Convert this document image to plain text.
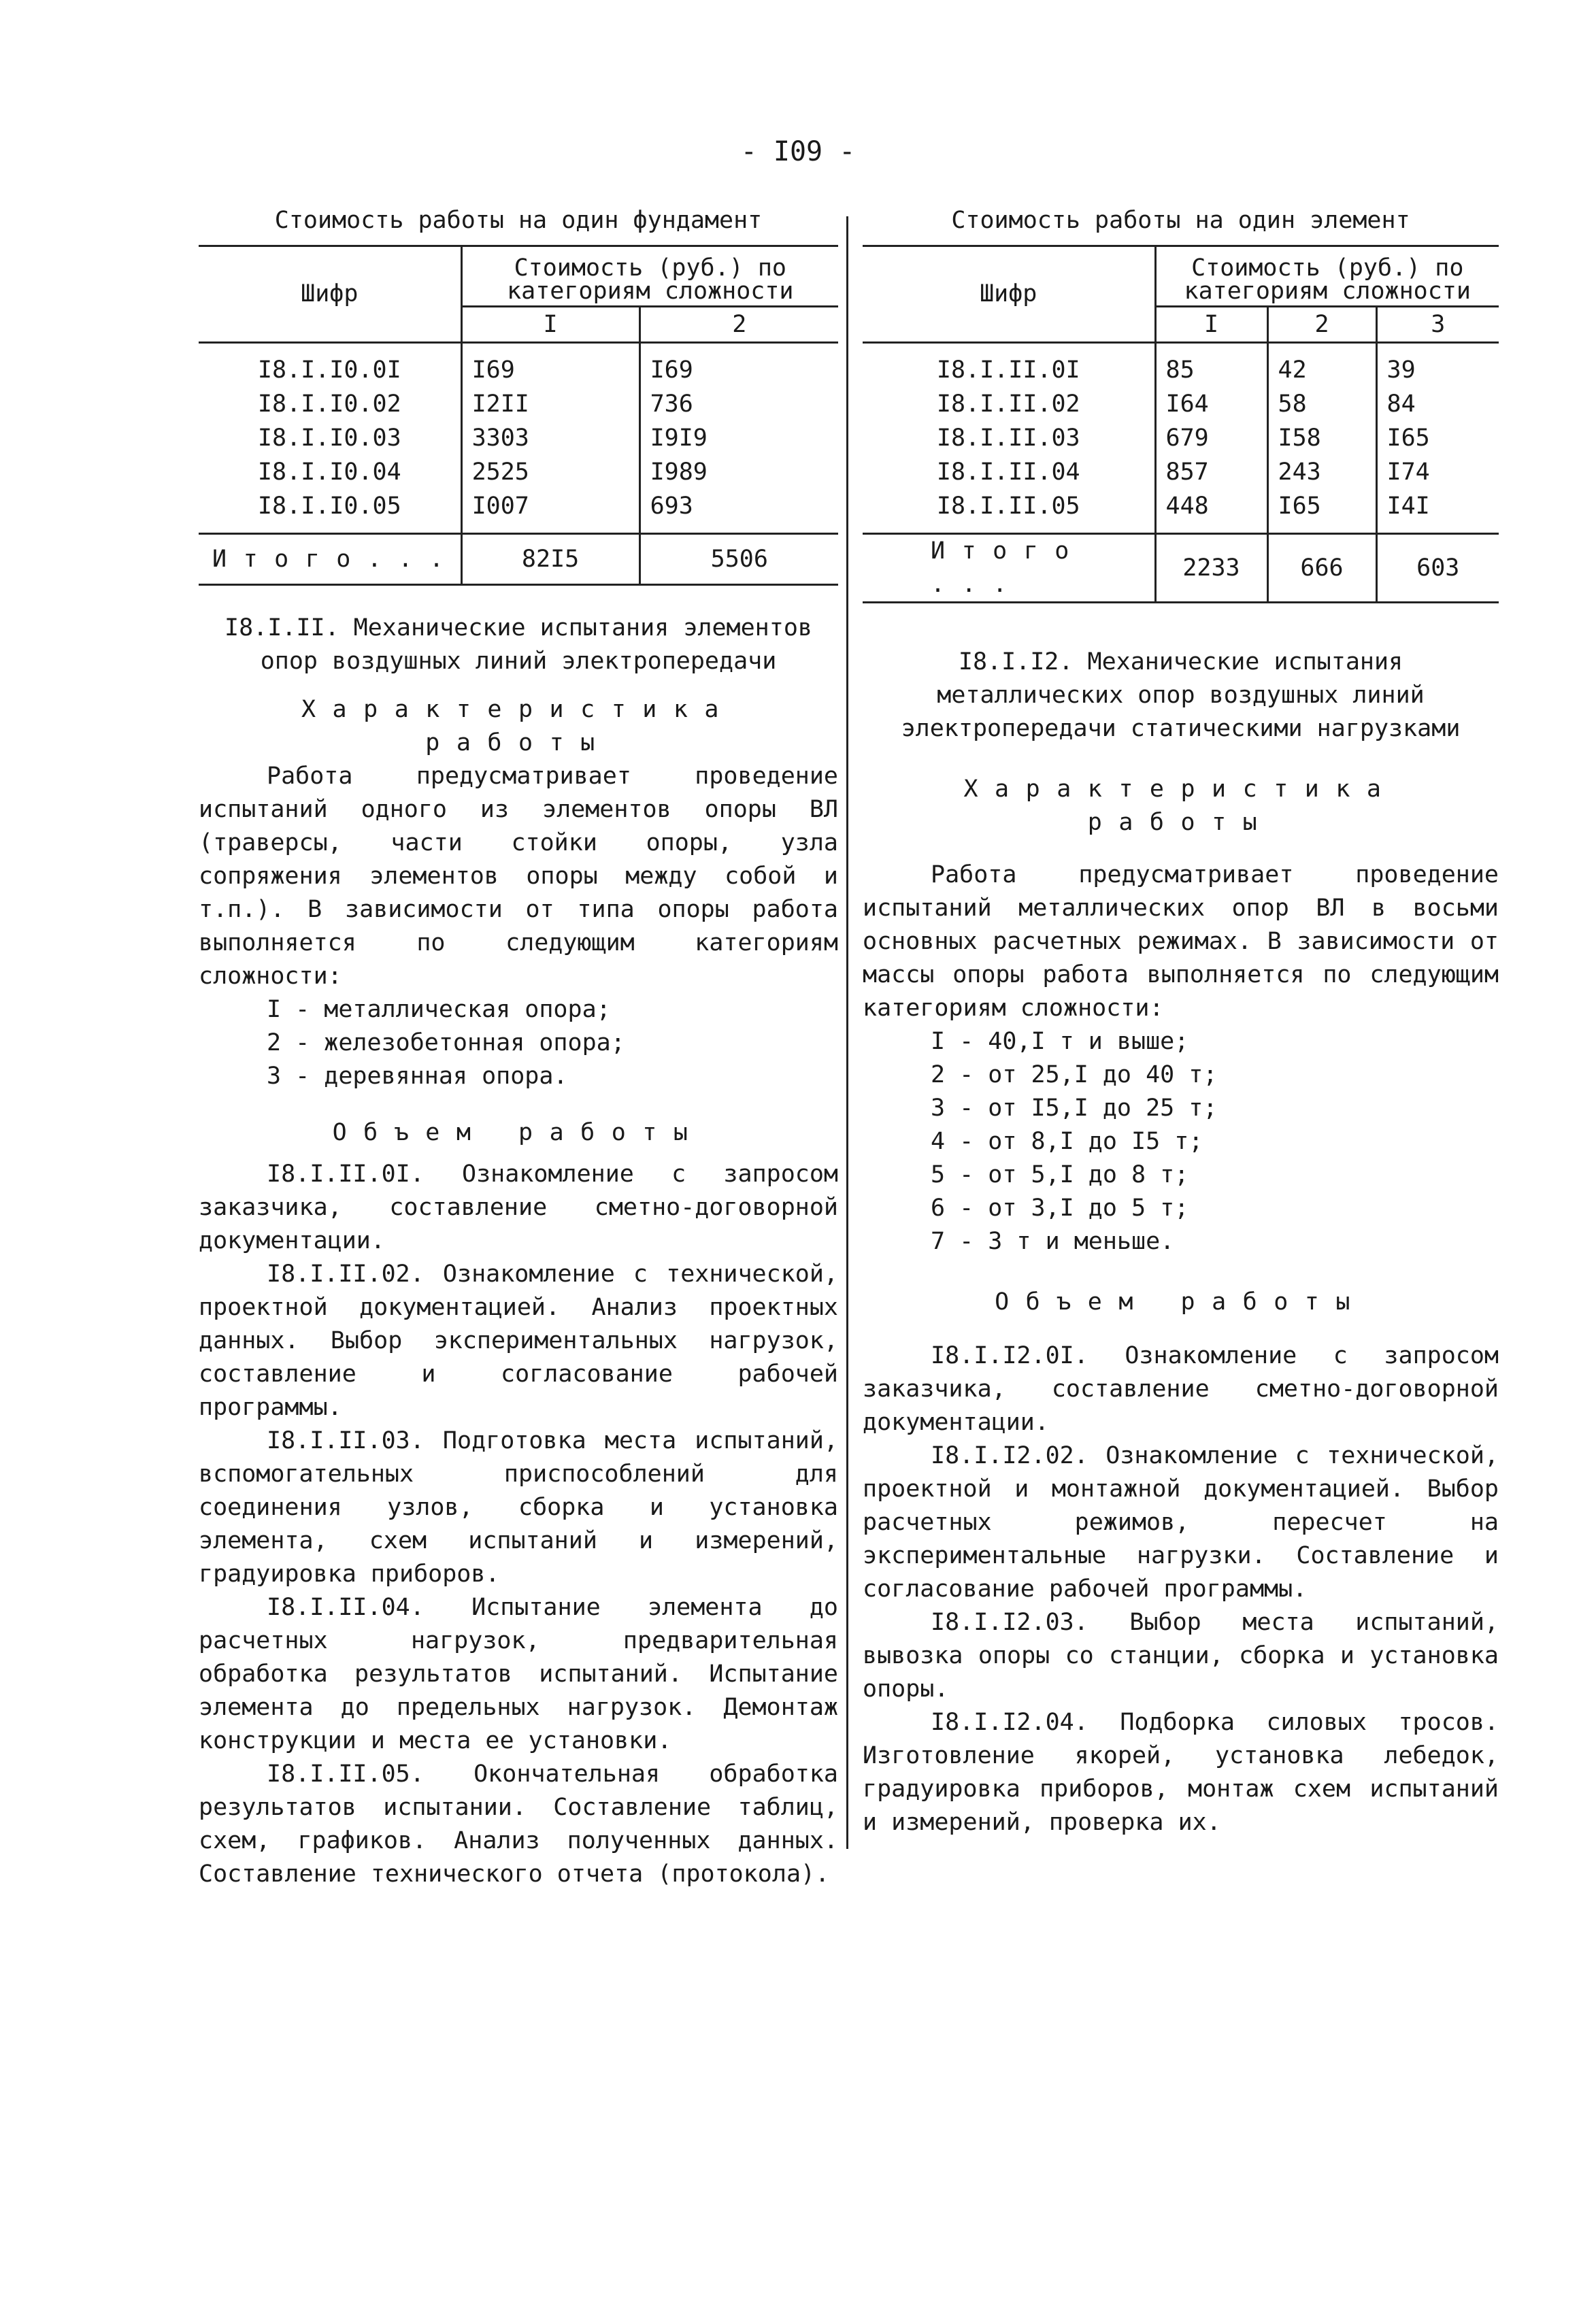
- I09 -
Стоимость работы на один фундамент
Шифр	Стоимость (руб.) по категориям сложности	
	I	2
I8.I.I0.0I	I69	I69
I8.I.I0.02	I2II	736
I8.I.I0.03	3303	I9I9
I8.I.I0.04	2525	I989
I8.I.I0.05	I007	693
Итого...	82I5	5506

I8.I.II. Механические испытания элементов опор воздушных линий электропередачи

Характеристика работы

Работа предусматривает проведение испытаний одного из элементов опоры ВЛ (траверсы, части стойки опоры, узла сопряжения элементов опоры между собой и т.п.). В зависимости от типа опоры работа выполняется по следующим категориям сложности:

I - металлическая опора;

2 - железобетонная опора;

3 - деревянная опора.

Объем работы

I8.I.II.0I. Ознакомление с запросом заказчика, составление сметно-договорной документации.

I8.I.II.02. Ознакомление с технической, проектной документацией. Анализ проектных данных. Выбор экспериментальных нагрузок, составление и согласование рабочей программы.

I8.I.II.03. Подготовка места испытаний, вспомогательных приспособлений для соединения узлов, сборка и установка элемента, схем испытаний и измерений, градуировка приборов.

I8.I.II.04. Испытание элемента до расчетных нагрузок, предварительная обработка результатов испытаний. Испытание элемента до предельных нагрузок. Демонтаж конструкции и места ее установки.

I8.I.II.05. Окончательная обработка результатов испытании. Составление таблиц, схем, графиков. Анализ полученных данных. Составление технического отчета (протокола).

Стоимость работы на один элемент
Шифр	Стоимость (руб.) по категориям сложности		
	I	2	3
I8.I.II.0I	85	42	39
I8.I.II.02	I64	58	84
I8.I.II.03	679	I58	I65
I8.I.II.04	857	243	I74
I8.I.II.05	448	I65	I4I
Итого ...	2233	666	603

I8.I.I2. Механические испытания металлических опор воздушных линий электропередачи статическими нагрузками

Характеристика работы

Работа предусматривает проведение испытаний металлических опор ВЛ в восьми основных расчетных режимах. В зависимости от массы опоры работа выполняется по следующим категориям сложности:

I - 40,I т и выше;

2 - от 25,I до 40 т;

3 - от I5,I до 25 т;

4 - от 8,I до I5 т;

5 - от 5,I до 8 т;

6 - от 3,I до 5 т;

7 - 3 т и меньше.

Объем работы

I8.I.I2.0I. Ознакомление с запросом заказчика, составление сметно-договорной документации.

I8.I.I2.02. Ознакомление с технической, проектной и монтажной документацией. Выбор расчетных режимов, пересчет на экспериментальные нагрузки. Составление и согласование рабочей программы.

I8.I.I2.03. Выбор места испытаний, вывозка опоры со станции, сборка и установка опоры.

I8.I.I2.04. Подборка силовых тросов. Изготовление якорей, установка лебедок, градуировка приборов, монтаж схем испытаний и измерений, проверка их.
